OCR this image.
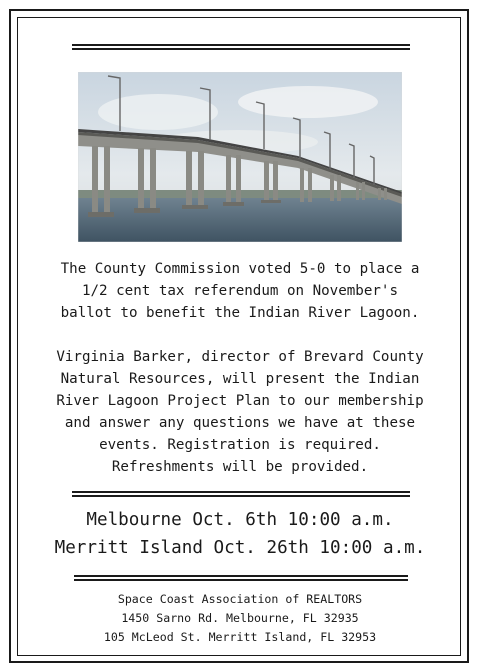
The County Commission voted 5-0 to place a
1/2 cent tax referendum on November's
ballot to benefit the Indian River Lagoon.
Virginia Barker, director of Brevard County
Natural Resources, will present the Indian
River Lagoon Project Plan to our membership
and answer any questions we have at these
events. Registration is required.
Refreshments will be provided.
Melbourne Oct. 6th 10:00 a.m.
Merritt Island Oct. 26th 10:00 a.m.
Space Coast Association of REALTORS
1450 Sarno Rd. Melbourne, FL 32935
105 McLeod St. Merritt Island, FL 32953
